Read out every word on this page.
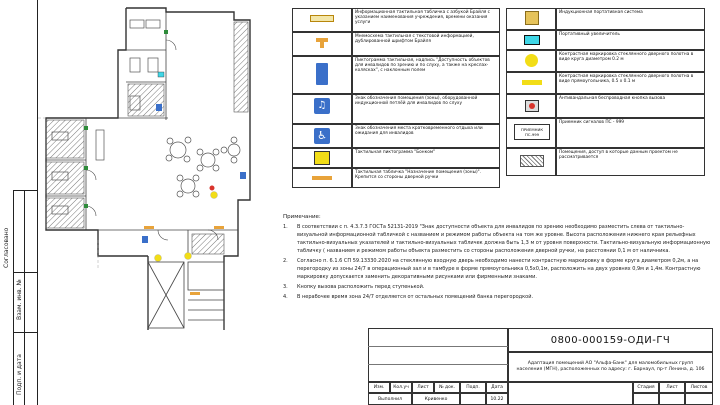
Согласовано
Взам. инв. №
Подп. и дата
Информационная тактильная табличка с азбукой Брайля с указанием наименования учреждения, времени оказания услуги
Мнемосхема тактильная с текстовой информацией, дублированной шрифтом Брайля
Пиктограмма тактильная, надпись "Доступность объектов для инвалидов по зрению и по слуху, а также на креслах-колясках", с наклонным полем
Знак обозначения помещения (зоны), оборудованной индукционной петлёй для инвалидов по слуху
Знак обозначения места кратковременного отдыха или ожидания для инвалидов
Тактильная пиктограмма "Бонком"
Тактильная табличка "Назначение помещения (зоны)". Крепится со стороны дверной ручки
Индукционная портативная система
Портативный увеличитель
Контрастная маркировка стеклянного дверного полотна в виде круга диаметром 0.2 м
Контрастная маркировка стеклянного дверного полотна в виде прямоугольника, 0.5 х 0.1 м
Антивандальная беспроводная кнопка вызова
Приемник сигналов ПС - 999
Помещения, доступ в которые данным проектом не рассматривается
♫
♿	ПРИЕМНИК ПС-999
Примечание:
1.	В соответствии с п. 4.3.7.3 ГОСТа 52131-2019 "Знак доступности объекта для инвалидов по зрению необходимо разместить слева от тактильно-визуальной информационной табличкой с названием и режимом работы объекта на том же уровне. Высота расположения нижнего края рельефных тактильно-визуальных указателей и тактильно-визуальных табличек должна быть 1,3 м от уровня поверхности. Тактильно-визуальную информационную табличку ( названием и режимом работы объекта разместить со стороны расположения дверной ручки, на расстоянии 0,1 м от наличника.
2.	Согласно п. 6.1.6 СП 59.13330.2020 на стеклянную входную дверь необходимо нанести контрастную маркировку в форме круга диаметром 0,2м, а на перегородку из зоны 24/7 в операционный зал и в тамбуре в форме прямоугольника 0,5х0,1м, расположить на двух уровнях 0,9м и 1,4м. Контрастную маркировку допускается заменить декоративными рисунками или фирменными знаками.
3.	Кнопку вызова расположить перед ступенькой.
4.	В нерабочее время зона 24/7 отделяется от остальных помещений банка перегородкой.
0800-000159-ОДИ-ГЧ
Адаптация помещений АО "Альфа-Банк" для маломобильных групп населения (МГН), расположенных по адресу: г. Барнаул, пр-т Ленина, д. 106
Изм. Кол.уч Лист № док. Подп.	Дата
Выполнил	Кривенко	10.22
Стадия	Лист	Листов
